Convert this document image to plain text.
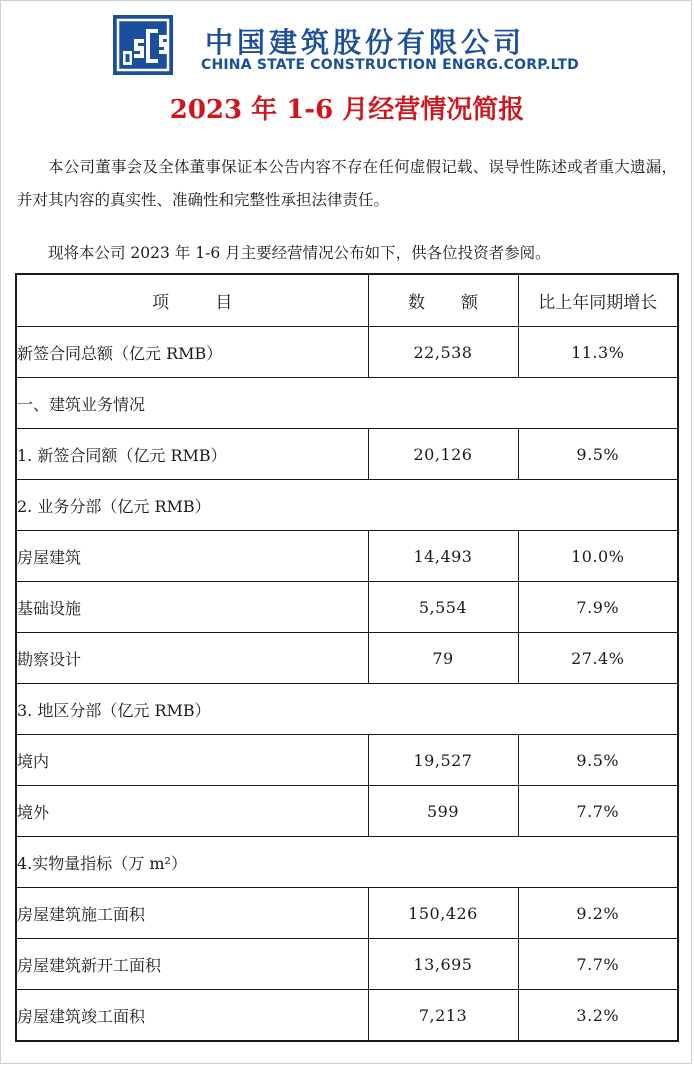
中国建筑股份有限公司
CHINA STATE CONSTRUCTION ENGRG.CORP.LTD
2023 年 1-6 月经营情况简报

本公司董事会及全体董事保证本公告内容不存在任何虚假记载、误导性陈述或者重大遗漏，并对其内容的真实性、准确性和完整性承担法律责任。

现将本公司 2023 年 1-6 月主要经营情况公布如下，供各位投资者参阅。

项 目	数 额	比上年同期增长
新签合同总额（亿元 RMB）	22,538	11.3%
一、建筑业务情况		
1. 新签合同额（亿元 RMB）	20,126	9.5%
2. 业务分部（亿元 RMB）		
房屋建筑	14,493	10.0%
基础设施	5,554	7.9%
勘察设计	79	27.4%
3. 地区分部（亿元 RMB）		
境内	19,527	9.5%
境外	599	7.7%
4.实物量指标（万 m²）		
房屋建筑施工面积	150,426	9.2%
房屋建筑新开工面积	13,695	7.7%
房屋建筑竣工面积	7,213	3.2%
